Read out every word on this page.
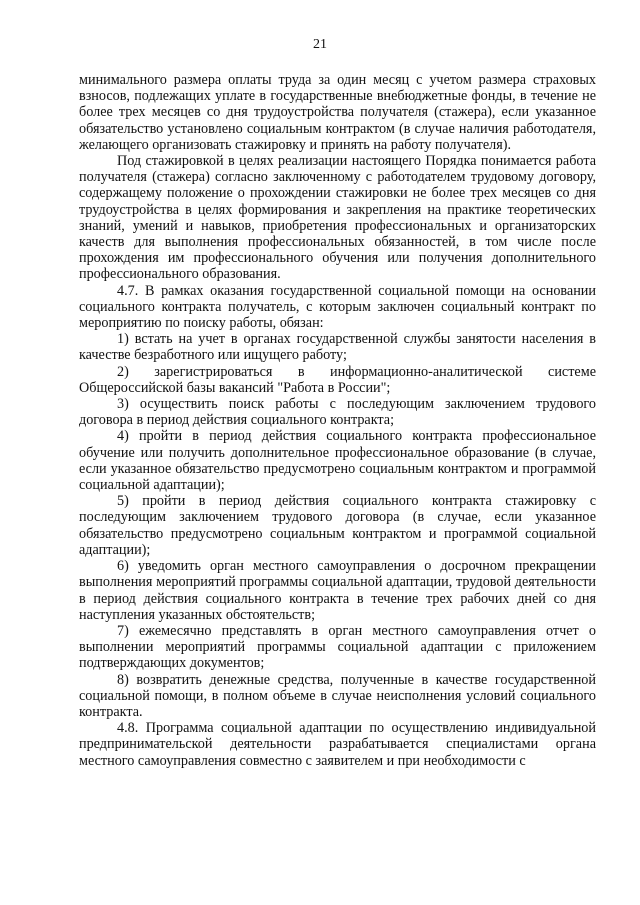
21

минимального размера оплаты труда за один месяц с учетом размера страховых взносов, подлежащих уплате в государственные внебюджетные фонды, в течение не более трех месяцев со дня трудоустройства получателя (стажера), если указанное обязательство установлено социальным контрактом (в случае наличия работодателя, желающего организовать стажировку и принять на работу получателя).

Под стажировкой в целях реализации настоящего Порядка понимается работа получателя (стажера) согласно заключенному с работодателем трудовому договору, содержащему положение о прохождении стажировки не более трех месяцев со дня трудоустройства в целях формирования и закрепления на практике теоретических знаний, умений и навыков, приобретения профессиональных и организаторских качеств для выполнения профессиональных обязанностей, в том числе после прохождения им профессионального обучения или получения дополнительного профессионального образования.

4.7. В рамках оказания государственной социальной помощи на основании социального контракта получатель, с которым заключен социальный контракт по мероприятию по поиску работы, обязан:

1) встать на учет в органах государственной службы занятости населения в качестве безработного или ищущего работу;

2) зарегистрироваться в информационно-аналитической системе Общероссийской базы вакансий "Работа в России";

3) осуществить поиск работы с последующим заключением трудового договора в период действия социального контракта;

4) пройти в период действия социального контракта профессиональное обучение или получить дополнительное профессиональное образование (в случае, если указанное обязательство предусмотрено социальным контрактом и программой социальной адаптации);

5) пройти в период действия социального контракта стажировку с последующим заключением трудового договора (в случае, если указанное обязательство предусмотрено социальным контрактом и программой социальной адаптации);

6) уведомить орган местного самоуправления о досрочном прекращении выполнения мероприятий программы социальной адаптации, трудовой деятельности в период действия социального контракта в течение трех рабочих дней со дня наступления указанных обстоятельств;

7) ежемесячно представлять в орган местного самоуправления отчет о выполнении мероприятий программы социальной адаптации с приложением подтверждающих документов;

8) возвратить денежные средства, полученные в качестве государственной социальной помощи, в полном объеме в случае неисполнения условий социального контракта.

4.8. Программа социальной адаптации по осуществлению индивидуальной предпринимательской деятельности разрабатывается специалистами органа местного самоуправления совместно с заявителем и при необходимости с
